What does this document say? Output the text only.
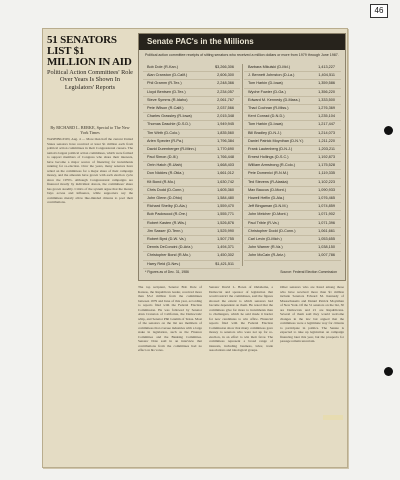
46
51 SENATORS LIST $1 MILLION IN AID
Political Action Committees' Role Over Years Is Shown In Legislators' Reports
By RICHARD L. BERKE, Special to The New York Times
WASHINGTON, Aug. 4 — More than half the current United States senators have received at least $1 million each from political action committees in their Congressional careers. The nation's largest political action committees, which were formed to support members of Congress who share their interests, have become a major source of financing for incumbents running for re-election. Over the years, many senators have relied on the committees for a major share of their campaign money, and the amounts have grown with each election cycle since the 1970's. Although Congressional campaigns are financed mostly by individual donors, the committees' share has grown steadily. Critics of the system argue that the money buys access and influence, while supporters say the committees merely allow like-minded citizens to pool their contributions.
Senate PAC's in the Millions
Political action committee receipts of sitting senators who received a million dollars or more from 1979 through June 1987.
Bob Dole (R-Kan.)	$3,266,306
Alan Cranston (D-Calif.)	2,606,300
Phil Gramm (R-Tex.)	2,248,366
Lloyd Bentsen (D-Tex.)	2,234,057
Steve Symms (R-Idaho)	2,061,767
Pete Wilson (R-Calif.)	2,037,566
Charles Grassley (R-Iowa)	2,015,348
Thomas Daschle (D-S.D.)	1,949,945
Tim Wirth (D-Colo.)	1,835,560
Arlen Specter (R-Pa.)	1,796,384
David Durenberger (R-Minn.)	1,770,690
Paul Simon (D-Ill.)	1,766,448
Orrin Hatch (R-Utah)	1,668,403
Don Nickles (R-Okla.)	1,661,012
Kit Bond (R-Mo.)	1,630,742
Chris Dodd (D-Conn.)	1,605,360
John Glenn (D-Ohio)	1,584,480
Richard Shelby (D-Ala.)	1,559,470
Bob Packwood (R-Ore.)	1,555,771
Robert Kasten (R-Wis.)	1,526,876
Jim Sasser (D-Tenn.)	1,525,990
Robert Byrd (D-W. Va.)	1,507,755
Dennis DeConcini (D-Ariz.)	1,494,371
Christopher Bond (R-Mo.)	1,450,302
Harry Reid (D-Nev.)	$1,421,511
Barbara Mikulski (D-Md.)	1,413,227
J. Bennett Johnston (D-La.)	1,404,511
Tom Harkin (D-Iowa)	1,359,586
Wyche Fowler (D-Ga.)	1,356,220
Edward M. Kennedy (D-Mass.)	1,333,500
Thad Cochran (R-Miss.)	1,276,369
Kent Conrad (D-N.D.)	1,235,104
Tom Harkin (D-Iowa)	1,217,447
Bill Bradley (D-N.J.)	1,214,073
Daniel Patrick Moynihan (D-N.Y.)	1,211,220
Frank Lautenberg (D-N.J.)	1,203,211
Ernest Hollings (D-S.C.)	1,192,873
William Armstrong (R-Colo.)	1,175,528
Pete Domenici (R-N.M.)	1,119,335
Ted Stevens (R-Alaska)	1,102,223
Max Baucus (D-Mont.)	1,090,933
Howell Heflin (D-Ala.)	1,076,465
Jeff Bingaman (D-N.M.)	1,074,859
John Melcher (D-Mont.)	1,071,902
Paul Trible (R-Va.)	1,071,396
Christopher Dodd (D-Conn.)	1,061,661
Carl Levin (D-Mich.)	1,053,655
John Warner (R-Va.)	1,038,150
John McCain (R-Ariz.)	1,007,786
* Figures as of Dec. 31, 1986	Source: Federal Election Commission
The top recipient, Senator Bob Dole of Kansas, the Republican leader, received more than $3.2 million from the committees between 1979 and June of this year, according to reports filed with the Federal Election Commission. He was followed by Senator Alan Cranston of California, the Democratic whip, and Senator Phil Gramm of Texas. Most of the senators on the list are members of committees that oversee industries with a large stake in legislation, such as the Finance Committee and the Banking Committee. Senator Dole said in an interview that contributions from the committees had no effect on his votes.
Senator David L. Boren of Oklahoma, a Democrat and sponsor of legislation that would restrict the committees, said the figures showed the extent to which senators had become dependent on them. He noted that the committees give far more to incumbents than to challengers, which he said made it harder for new candidates to win office. Financial reports filed with the Federal Election Commission show that many committees gave money to senators who were not up for re-election, in an effort to win their favor. The committees represent a broad range of interests, including business, labor, trade associations and ideological groups.
Other senators who are listed among those who have received more than $1 million include Senators Edward M. Kennedy of Massachusetts and Daniel Patrick Moynihan of New York. Of the 51 senators on the list, 30 are Democrats and 21 are Republicans. Several of them said they would welcome changes in the law but argued that the committees were a legitimate way for citizens to participate in politics. The Senate is expected to take up legislation on campaign financing later this year, but the prospects for passage remain uncertain.
